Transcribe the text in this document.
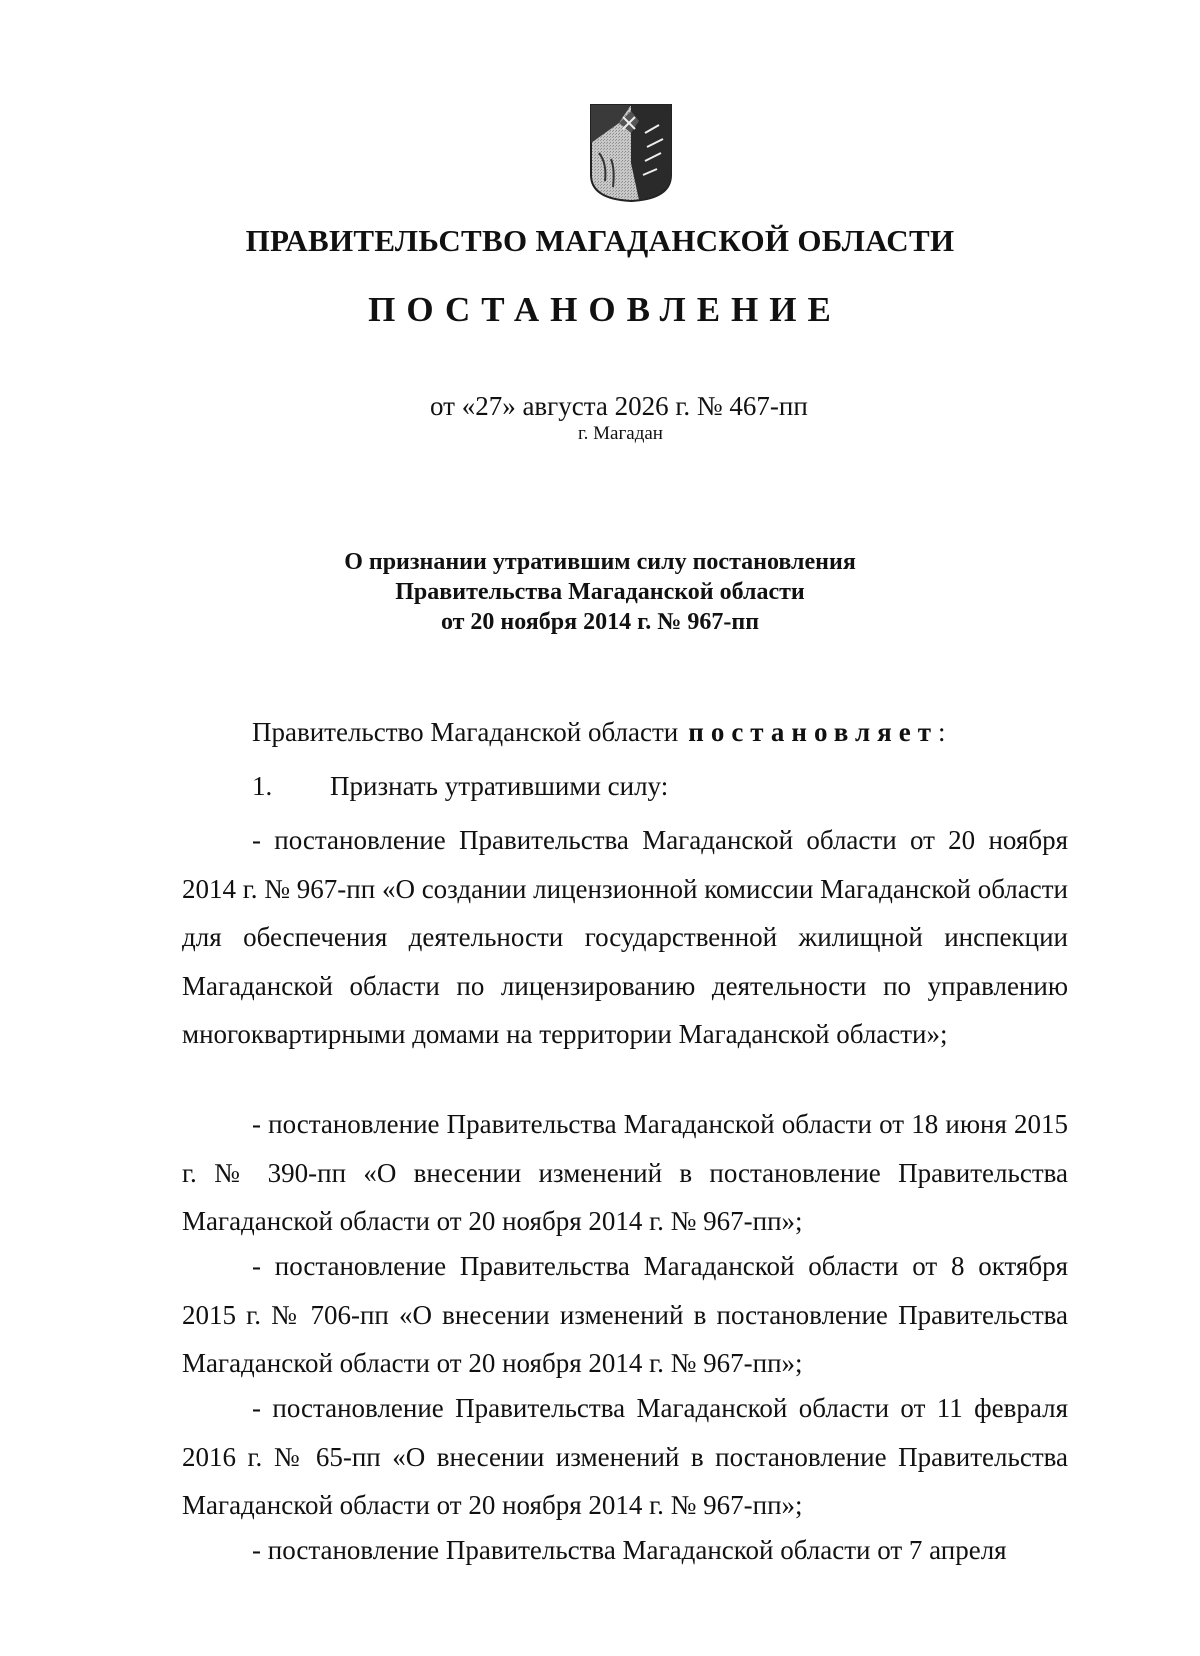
ПРАВИТЕЛЬСТВО МАГАДАНСКОЙ ОБЛАСТИ
ПОСТАНОВЛЕНИЕ
от «27» августа 2026 г. № 467-пп
г. Магадан
О признании утратившим силу постановления
Правительства Магаданской области
от 20 ноября 2014 г. № 967-пп
Правительство Магаданской области постановляет:
1. Признать утратившими силу:
- постановление Правительства Магаданской области от 20 ноября 2014 г. № 967-пп «О создании лицензионной комиссии Магаданской области для обеспечения деятельности государственной жилищной инспекции Магаданской области по лицензированию деятельности по управлению многоквартирными домами на территории Магаданской области»;
- постановление Правительства Магаданской области от 18 июня 2015 г. № 390-пп «О внесении изменений в постановление Правительства Магаданской области от 20 ноября 2014 г. № 967-пп»;
- постановление Правительства Магаданской области от 8 октября 2015 г. № 706-пп «О внесении изменений в постановление Правительства Магаданской области от 20 ноября 2014 г. № 967-пп»;
- постановление Правительства Магаданской области от 11 февраля 2016 г. № 65-пп «О внесении изменений в постановление Правительства Магаданской области от 20 ноября 2014 г. № 967-пп»;
- постановление Правительства Магаданской области от 7 апреля
